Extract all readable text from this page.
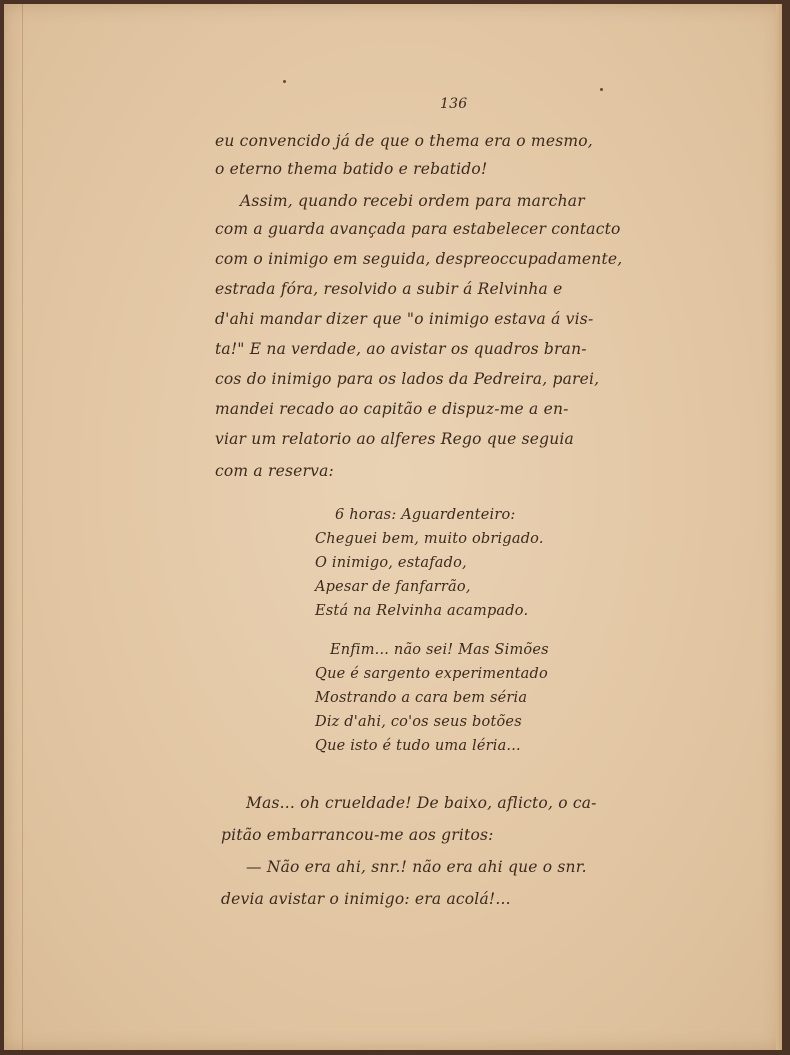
136
eu convencido já de que o thema era o mesmo,
o eterno thema batido e rebatido!
Assim, quando recebi ordem para marchar
com a guarda avançada para estabelecer contacto
com o inimigo em seguida, despreoccupadamente,
estrada fóra, resolvido a subir á Relvinha e
d'ahi mandar dizer que "o inimigo estava á vis-
ta!" E na verdade, ao avistar os quadros bran-
cos do inimigo para os lados da Pedreira, parei,
mandei recado ao capitão e dispuz-me a en-
viar um relatorio ao alferes Rego que seguia
com a reserva:
6 horas: Aguardenteiro:
Cheguei bem, muito obrigado.
O inimigo, estafado,
Apesar de fanfarrão,
Está na Relvinha acampado.
Enfim... não sei! Mas Simões
Que é sargento experimentado
Mostrando a cara bem séria
Diz d'ahi, co'os seus botões
Que isto é tudo uma léria...
Mas... oh crueldade! De baixo, aflicto, o ca-
pitão embarrancou-me aos gritos:
— Não era ahi, snr.! não era ahi que o snr.
devia avistar o inimigo: era acolá!...
